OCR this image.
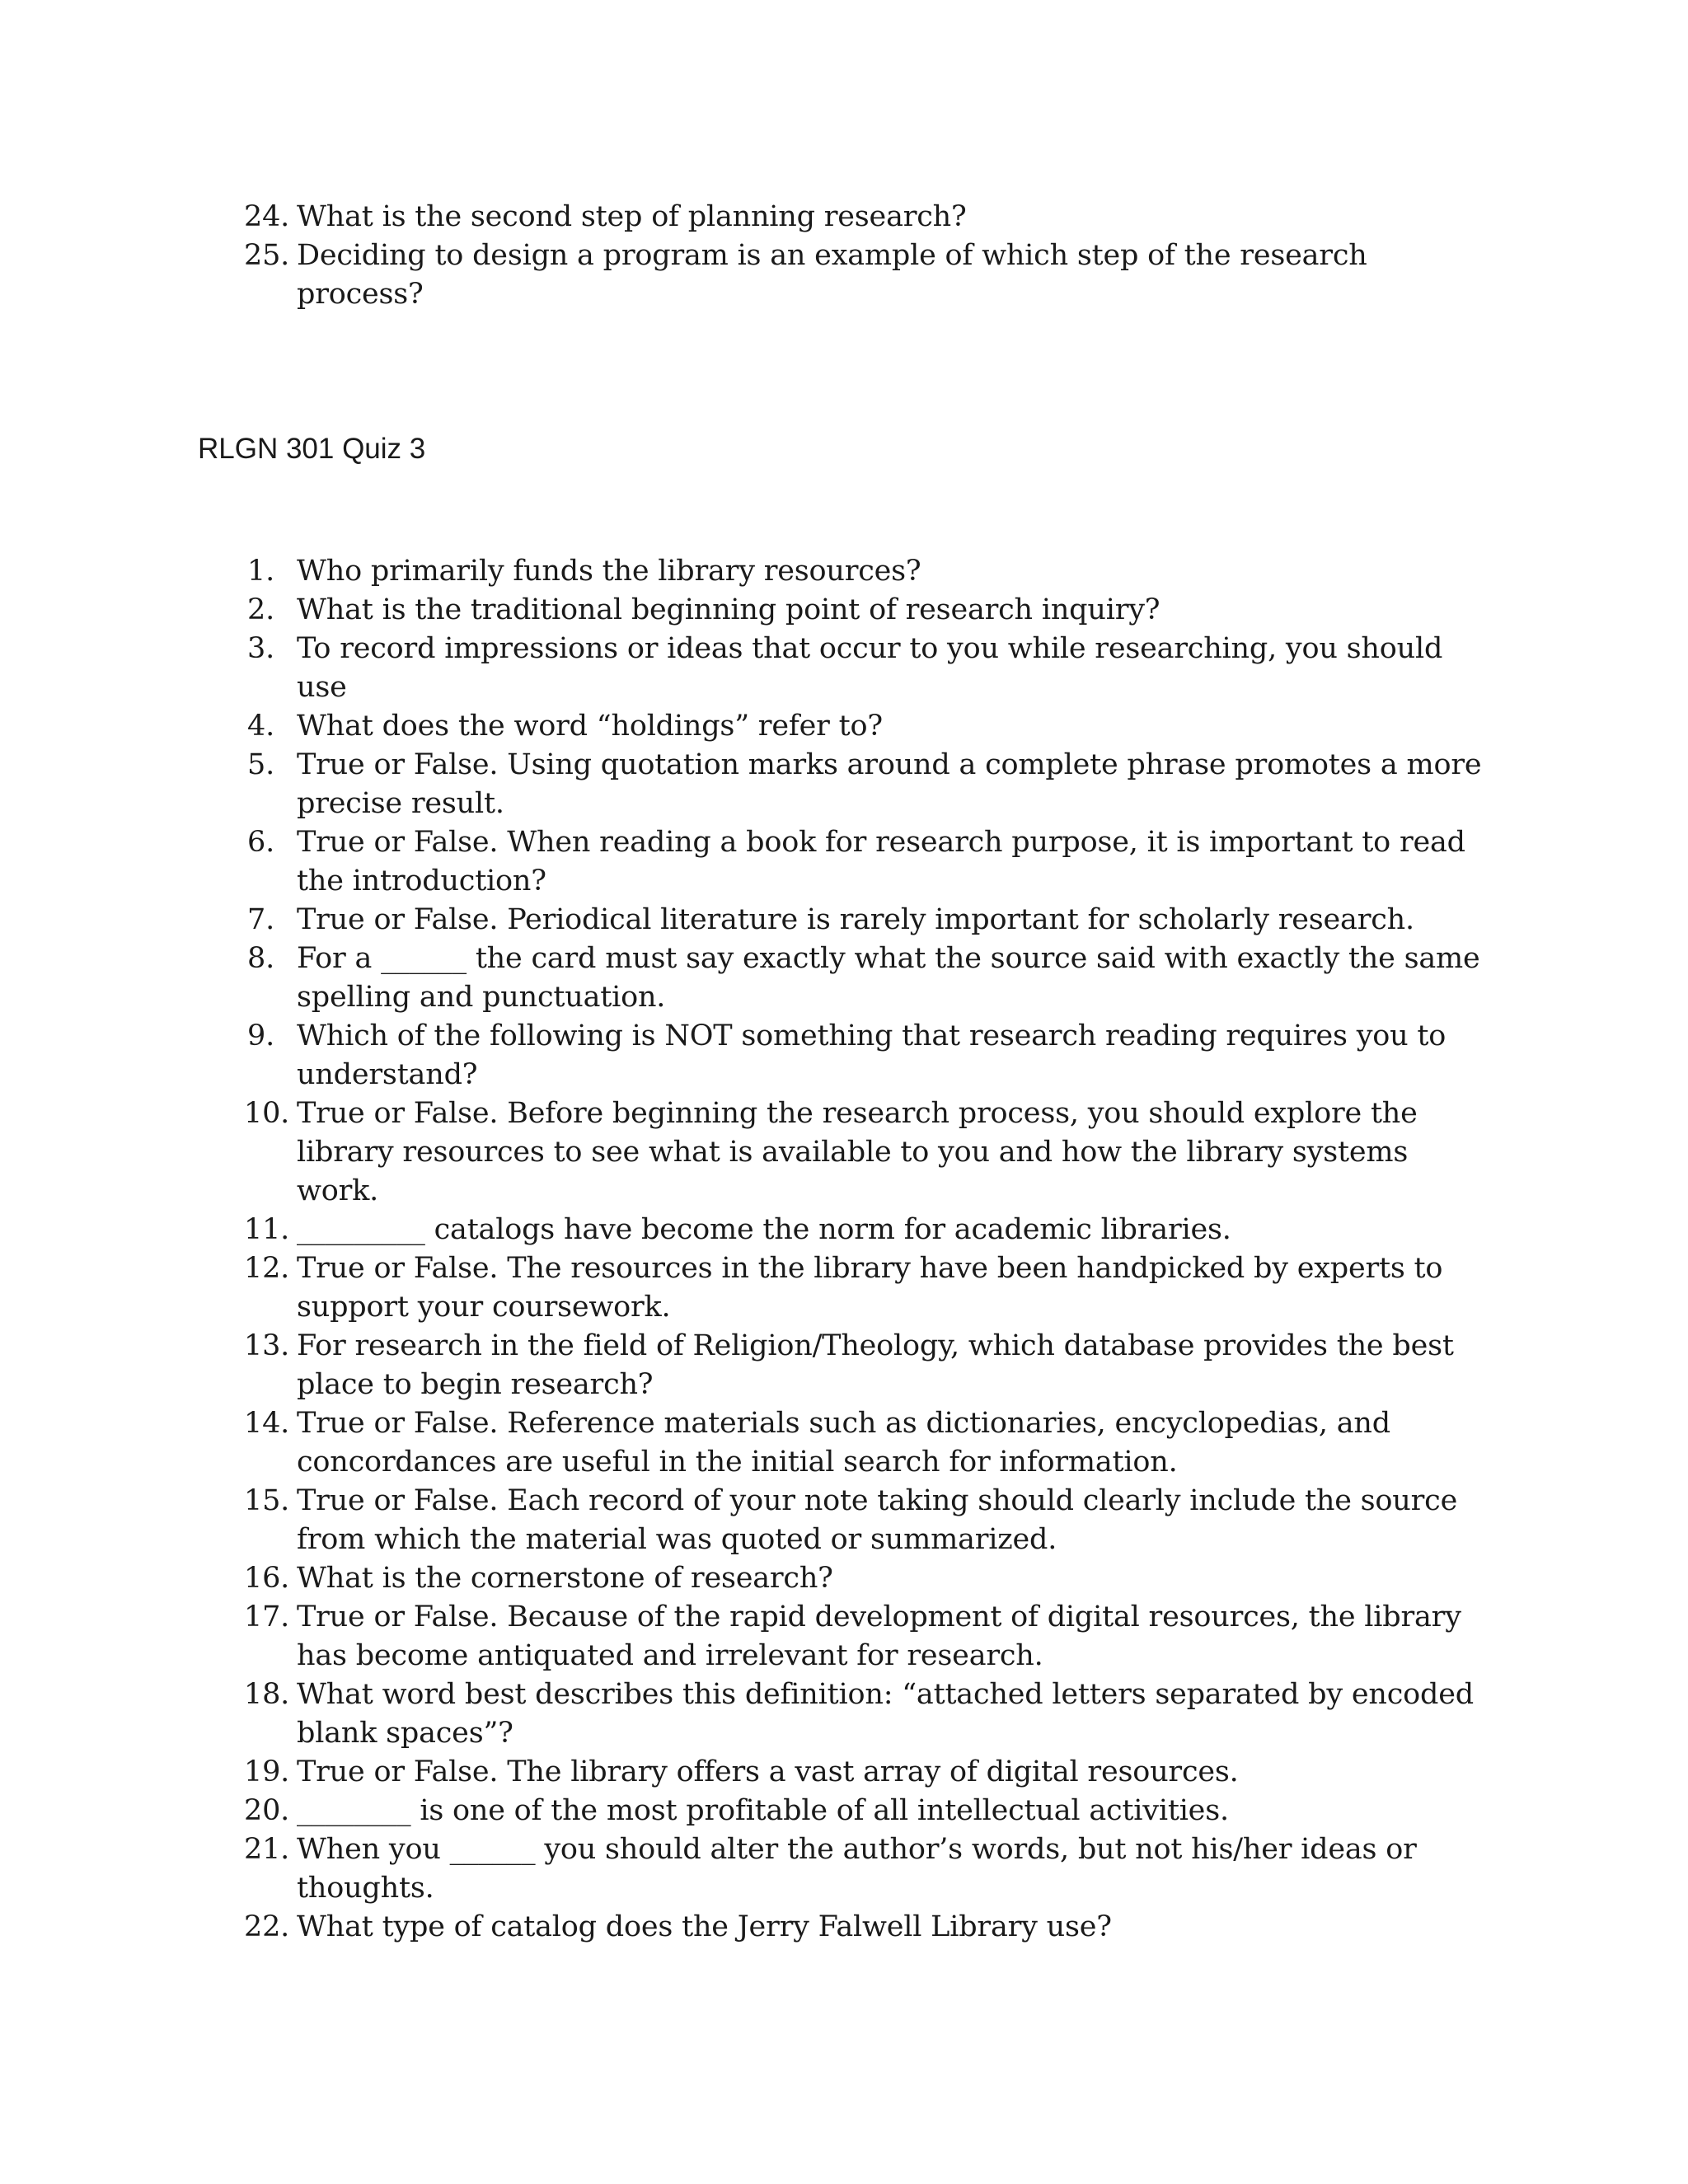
24. What is the second step of planning research?
25. Deciding to design a program is an example of which step of the research process?
RLGN 301 Quiz 3
1. Who primarily funds the library resources?
2. What is the traditional beginning point of research inquiry?
3. To record impressions or ideas that occur to you while researching, you should use
4. What does the word “holdings” refer to?
5. True or False. Using quotation marks around a complete phrase promotes a more precise result.
6. True or False. When reading a book for research purpose, it is important to read the introduction?
7. True or False. Periodical literature is rarely important for scholarly research.
8. For a ______ the card must say exactly what the source said with exactly the same spelling and punctuation.
9. Which of the following is NOT something that research reading requires you to understand?
10. True or False. Before beginning the research process, you should explore the library resources to see what is available to you and how the library systems work.
11. _________ catalogs have become the norm for academic libraries.
12. True or False. The resources in the library have been handpicked by experts to support your coursework.
13. For research in the field of Religion/Theology, which database provides the best place to begin research?
14. True or False. Reference materials such as dictionaries, encyclopedias, and concordances are useful in the initial search for information.
15. True or False. Each record of your note taking should clearly include the source from which the material was quoted or summarized.
16. What is the cornerstone of research?
17. True or False. Because of the rapid development of digital resources, the library has become antiquated and irrelevant for research.
18. What word best describes this definition: “attached letters separated by encoded blank spaces”?
19. True or False. The library offers a vast array of digital resources.
20. ________ is one of the most profitable of all intellectual activities.
21. When you ______ you should alter the author’s words, but not his/her ideas or thoughts.
22. What type of catalog does the Jerry Falwell Library use?
